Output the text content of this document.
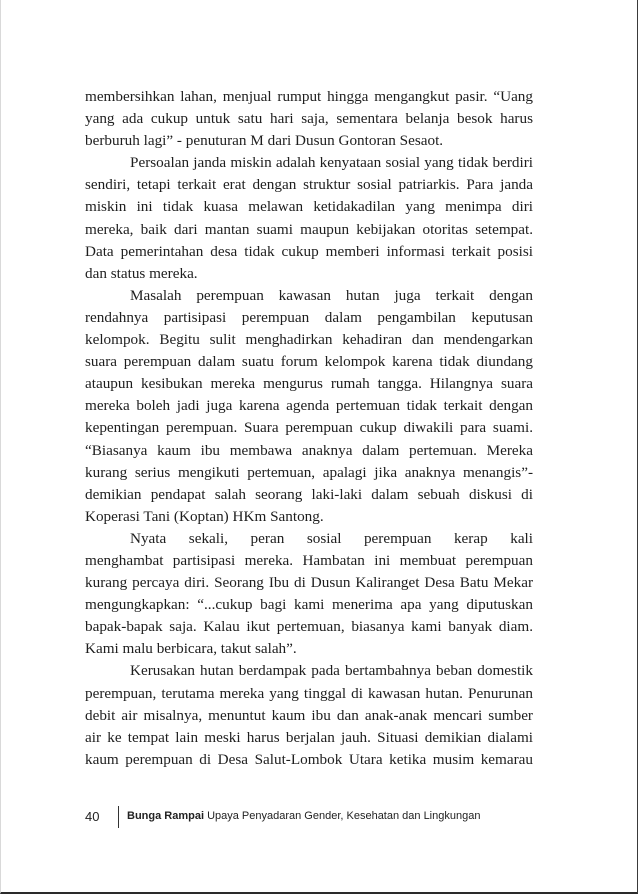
membersihkan lahan, menjual rumput hingga mengangkut pasir. “Uang
yang ada cukup untuk satu hari saja, sementara belanja besok harus
berburuh lagi” - penuturan M dari Dusun Gontoran Sesaot.
Persoalan janda miskin adalah kenyataan sosial yang tidak berdiri
sendiri, tetapi terkait erat dengan struktur sosial patriarkis. Para janda
miskin ini tidak kuasa melawan ketidakadilan yang menimpa diri
mereka, baik dari mantan suami maupun kebijakan otoritas setempat.
Data pemerintahan desa tidak cukup memberi informasi terkait posisi
dan status mereka.
Masalah perempuan kawasan hutan juga terkait dengan
rendahnya partisipasi perempuan dalam pengambilan keputusan
kelompok. Begitu sulit menghadirkan kehadiran dan mendengarkan
suara perempuan dalam suatu forum kelompok karena tidak diundang
ataupun kesibukan mereka mengurus rumah tangga. Hilangnya suara
mereka boleh jadi juga karena agenda pertemuan tidak terkait dengan
kepentingan perempuan. Suara perempuan cukup diwakili para suami.
“Biasanya kaum ibu membawa anaknya dalam pertemuan. Mereka
kurang serius mengikuti pertemuan, apalagi jika anaknya menangis”-
demikian pendapat salah seorang laki-laki dalam sebuah diskusi di
Koperasi Tani (Koptan) HKm Santong.
Nyata sekali, peran sosial perempuan kerap kali
menghambat partisipasi mereka. Hambatan ini membuat perempuan
kurang percaya diri. Seorang Ibu di Dusun Kaliranget Desa Batu Mekar
mengungkapkan: “...cukup bagi kami menerima apa yang diputuskan
bapak-bapak saja. Kalau ikut pertemuan, biasanya kami banyak diam.
Kami malu berbicara, takut salah”.
Kerusakan hutan berdampak pada bertambahnya beban domestik
perempuan, terutama mereka yang tinggal di kawasan hutan. Penurunan
debit air misalnya, menuntut kaum ibu dan anak-anak mencari sumber
air ke tempat lain meski harus berjalan jauh. Situasi demikian dialami
kaum perempuan di Desa Salut-Lombok Utara ketika musim kemarau
40	Bunga Rampai Upaya Penyadaran Gender, Kesehatan dan Lingkungan
